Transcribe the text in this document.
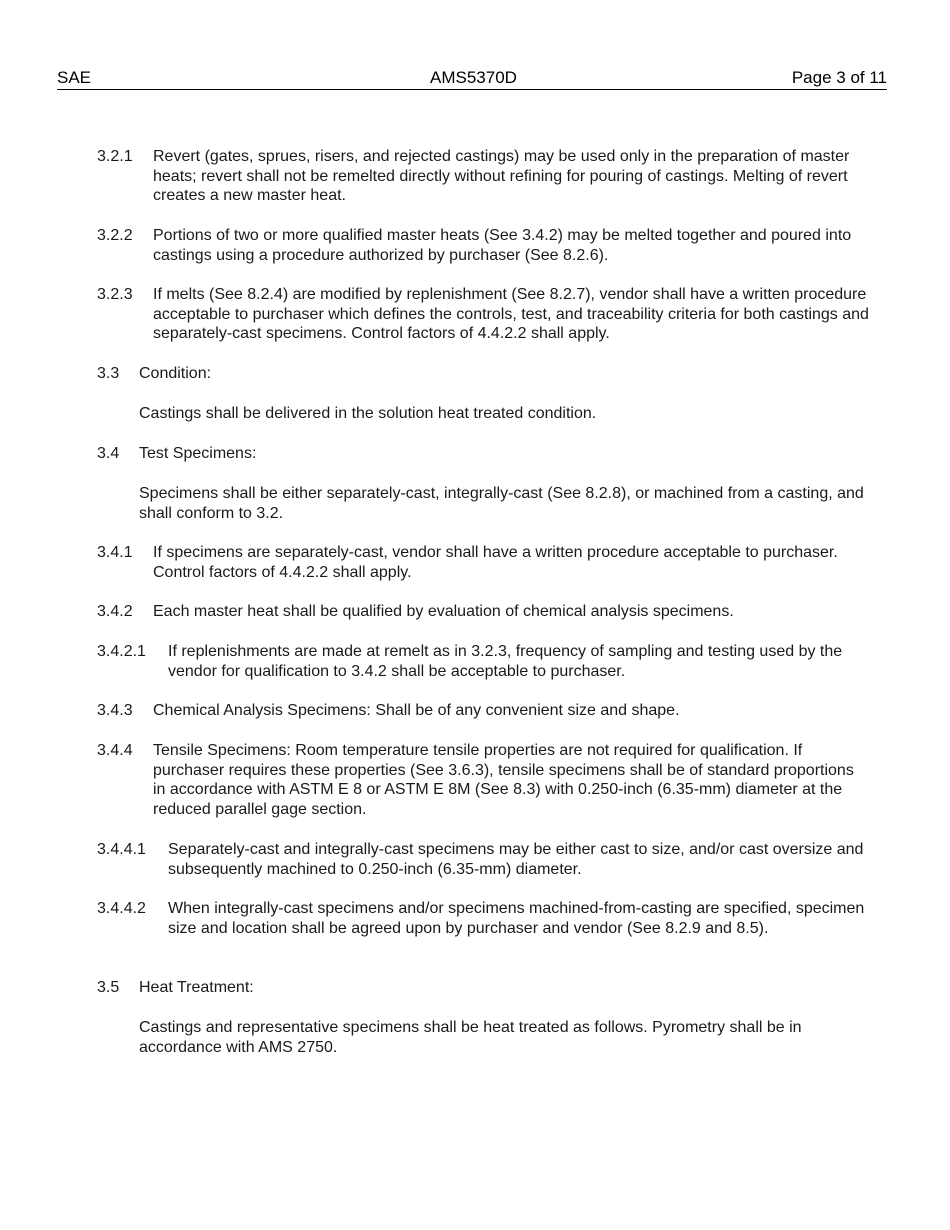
SAE	AMS5370D	Page 3 of 11
3.2.1 Revert (gates, sprues, risers, and rejected castings) may be used only in the preparation of master heats; revert shall not be remelted directly without refining for pouring of castings. Melting of revert creates a new master heat.
3.2.2 Portions of two or more qualified master heats (See 3.4.2) may be melted together and poured into castings using a procedure authorized by purchaser (See 8.2.6).
3.2.3 If melts (See 8.2.4) are modified by replenishment (See 8.2.7), vendor shall have a written procedure acceptable to purchaser which defines the controls, test, and traceability criteria for both castings and separately-cast specimens. Control factors of 4.4.2.2 shall apply.
3.3 Condition:
Castings shall be delivered in the solution heat treated condition.
3.4 Test Specimens:
Specimens shall be either separately-cast, integrally-cast (See 8.2.8), or machined from a casting, and shall conform to 3.2.
3.4.1 If specimens are separately-cast, vendor shall have a written procedure acceptable to purchaser. Control factors of 4.4.2.2 shall apply.
3.4.2 Each master heat shall be qualified by evaluation of chemical analysis specimens.
3.4.2.1 If replenishments are made at remelt as in 3.2.3, frequency of sampling and testing used by the vendor for qualification to 3.4.2 shall be acceptable to purchaser.
3.4.3 Chemical Analysis Specimens: Shall be of any convenient size and shape.
3.4.4 Tensile Specimens: Room temperature tensile properties are not required for qualification. If purchaser requires these properties (See 3.6.3), tensile specimens shall be of standard proportions in accordance with ASTM E 8 or ASTM E 8M (See 8.3) with 0.250-inch (6.35-mm) diameter at the reduced parallel gage section.
3.4.4.1 Separately-cast and integrally-cast specimens may be either cast to size, and/or cast oversize and subsequently machined to 0.250-inch (6.35-mm) diameter.
3.4.4.2 When integrally-cast specimens and/or specimens machined-from-casting are specified, specimen size and location shall be agreed upon by purchaser and vendor (See 8.2.9 and 8.5).
3.5 Heat Treatment:
Castings and representative specimens shall be heat treated as follows. Pyrometry shall be in accordance with AMS 2750.
